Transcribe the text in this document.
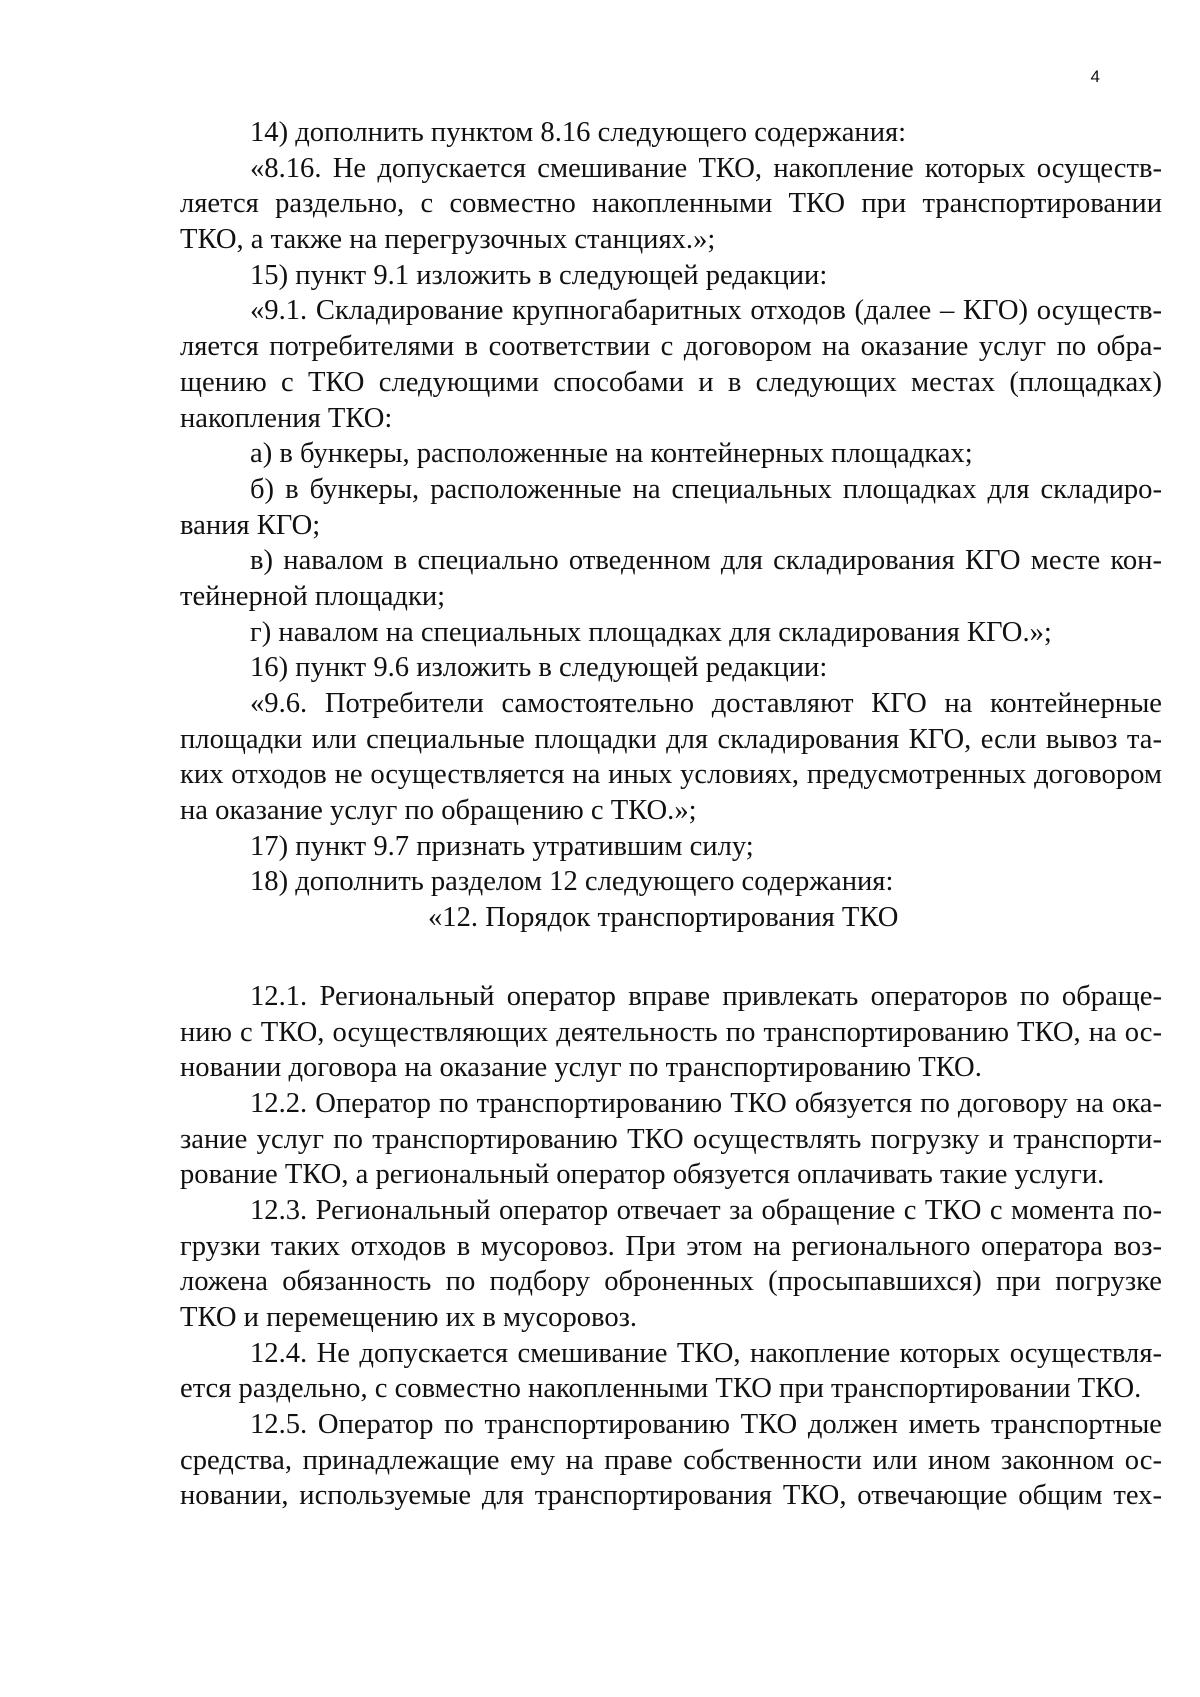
4
14) дополнить пунктом 8.16 следующего содержания:
«8.16. Не допускается смешивание ТКО, накопление которых осуществ-
ляется раздельно, с совместно накопленными ТКО при транспортировании
ТКО, а также на перегрузочных станциях.»;
15) пункт 9.1 изложить в следующей редакции:
«9.1. Складирование крупногабаритных отходов (далее – КГО) осуществ-
ляется потребителями в соответствии с договором на оказание услуг по обра-
щению с ТКО следующими способами и в следующих местах (площадках)
накопления ТКО:
а) в бункеры, расположенные на контейнерных площадках;
б) в бункеры, расположенные на специальных площадках для складиро-
вания КГО;
в) навалом в специально отведенном для складирования КГО месте кон-
тейнерной площадки;
г) навалом на специальных площадках для складирования КГО.»;
16) пункт 9.6 изложить в следующей редакции:
«9.6. Потребители самостоятельно доставляют КГО на контейнерные
площадки или специальные площадки для складирования КГО, если вывоз та-
ких отходов не осуществляется на иных условиях, предусмотренных договором
на оказание услуг по обращению с ТКО.»;
17) пункт 9.7 признать утратившим силу;
18) дополнить разделом 12 следующего содержания:
«12. Порядок транспортирования ТКО
12.1. Региональный оператор вправе привлекать операторов по обраще-
нию с ТКО, осуществляющих деятельность по транспортированию ТКО, на ос-
новании договора на оказание услуг по транспортированию ТКО.
12.2. Оператор по транспортированию ТКО обязуется по договору на ока-
зание услуг по транспортированию ТКО осуществлять погрузку и транспорти-
рование ТКО, а региональный оператор обязуется оплачивать такие услуги.
12.3. Региональный оператор отвечает за обращение с ТКО с момента по-
грузки таких отходов в мусоровоз. При этом на регионального оператора воз-
ложена обязанность по подбору оброненных (просыпавшихся) при погрузке
ТКО и перемещению их в мусоровоз.
12.4. Не допускается смешивание ТКО, накопление которых осуществля-
ется раздельно, с совместно накопленными ТКО при транспортировании ТКО.
12.5. Оператор по транспортированию ТКО должен иметь транспортные
средства, принадлежащие ему на праве собственности или ином законном ос-
новании, используемые для транспортирования ТКО, отвечающие общим тех-
